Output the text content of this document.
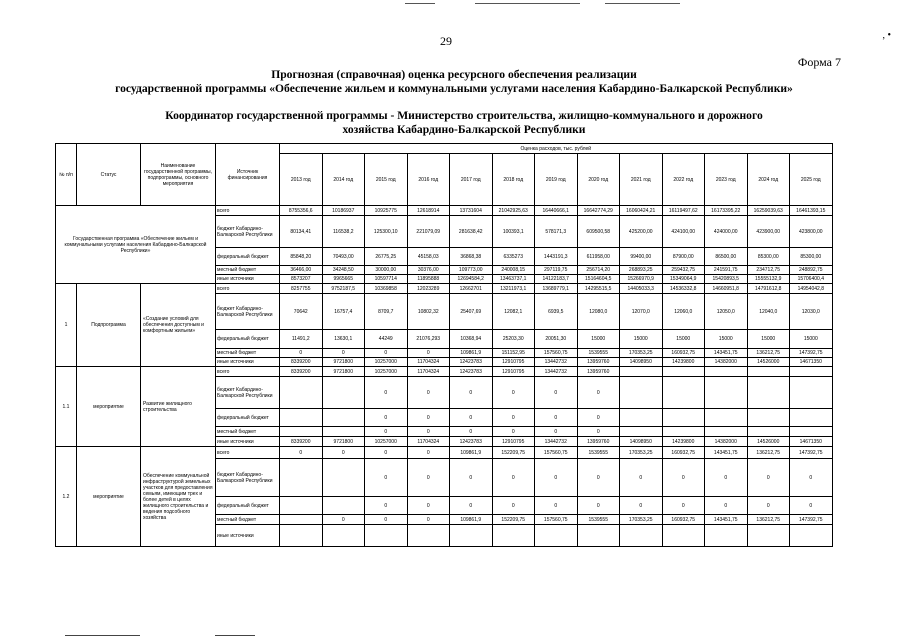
, •
29
Форма 7
Прогнозная (справочная) оценка ресурсного обеспечения реализации
государственной программы «Обеспечение жильем и коммунальными услугами населения Кабардино-Балкарской Республики»
Координатор государственной программы - Министерство строительства, жилищно-коммунального и дорожного
хозяйства Кабардино-Балкарской Республики
№ п/п	Статус	Наименование государственной программы, подпрограммы, основного мероприятия	Источник финансирования	Оценка расходов, тыс. рублей												
				2013 год	2014 год	2015 год	2016 год	2017 год	2018 год	2019 год	2020 год	2021 год	2022 год	2023 год	2024 год	2025 год
Государственная программа «Обеспечение жильем и коммунальными услугами населения Кабардино-Балкарской Республики»			всего	8755356,6	10186937	10925775	12618914	13731604	21042925,63	16440666,1	16642774,29	16060424,21	16119497,62	16173395,22	16259039,63	16461393,15
			бюджет Кабардино-Балкарской Республики	80134,41	116538,2	125300,10	221079,09	281638,42	100393,1	578171,3	609500,58	425200,00	424100,00	424000,00	423900,00	423800,00
			федеральный бюджет	85848,20	70493,00	26775,25	45158,03	36868,38	6335273	1443191,3	611958,00	99400,00	87900,00	86500,00	85300,00	85300,00
			местный бюджет	36466,00	34248,50	30000,00	30376,00	109773,00	240008,15	297119,75	256714,20	268893,25	259432,75	241591,75	234712,75	248892,75
			иные источники	8573207	9965665	10597714	11895888	12694584,2	13463737,1	14122183,7	15164604,5	15266970,9	15349064,9	15420893,5	15555132,9	15706400,4
1	Подпрограмма	«Создание условий для обеспечения доступным и комфортным жильем»	всего	8257755	9752187,5	10369858	12023289	12662701	13211973,1	13689779,1	14295515,5	14405033,3	14536332,8	14660951,8	14791612,8	14954042,8
			бюджет Кабардино-Балкарской Республики	70642	16757,4	8709,7	10802,32	25407,69	12082,1	6939,5	12080,0	12070,0	12060,0	12050,0	12040,0	12030,0
			федеральный бюджет	11491,2	13630,1	44249	21076,293	10368,94	25203,30	20051,30	15000	15000	15000	15000	15000	15000
			местный бюджет	0	0	0	0	109861,9	151152,95	157560,75	1539555	170353,25	160932,75	143451,75	136212,75	147392,75
			иные источники	8339200	9721800	10257000	11704324	12423783	12910795	13442732	13959760	14098950	14239800	14382000	14526000	14671350
1.1	мероприятие	Развитие жилищного строительства	всего	8339200	9721800	10257000	11704324	12423783	12910795	13442732	13959760					
			бюджет Кабардино-Балкарской Республики			0	0	0	0	0	0					
			федеральный бюджет			0	0	0	0	0	0					
			местный бюджет			0	0	0	0	0	0					
			иные источники	8339200	9721800	10257000	11704324	12423783	12910795	13442732	13959760	14098950	14239800	14382000	14526000	14671350
1.2	мероприятие	Обеспечение коммунальной инфраструктурой земельных участков для предоставления семьям, имеющим трех и более детей в целях жилищного строительства и ведения подсобного хозяйства	всего	0	0	0	0	109861,9	152209,75	157560,75	1539555	170353,25	160932,75	143451,75	136212,75	147392,75
			бюджет Кабардино-Балкарской Республики			0	0	0	0	0	0	0	0	0	0	0
			федеральный бюджет			0	0	0	0	0	0	0	0	0	0	0
			местный бюджет		0	0	0	109861,9	152209,75	157560,75	1539555	170353,25	160932,75	143451,75	136212,75	147392,75
			иные источники													
